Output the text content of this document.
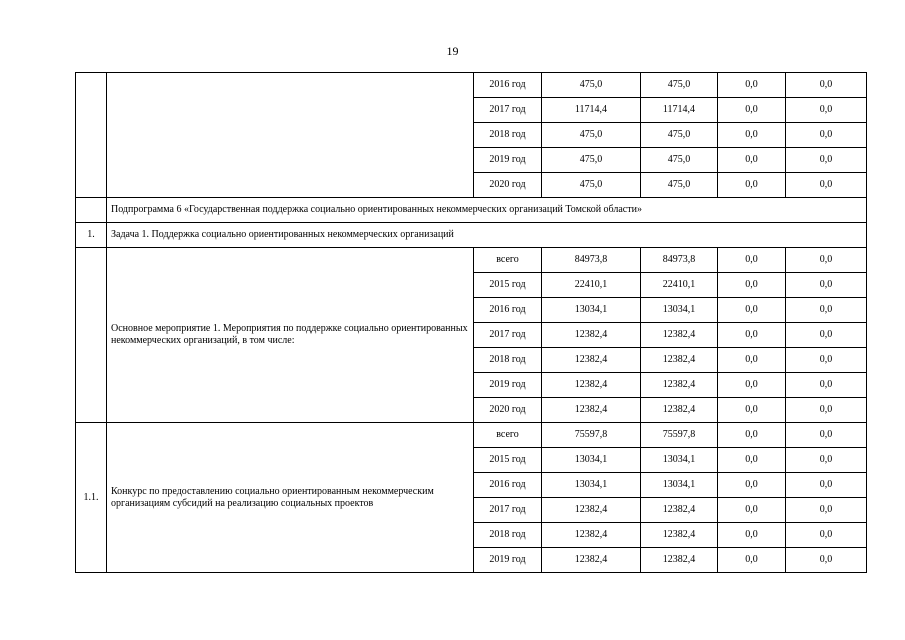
19
		2016 год	475,0	475,0	0,0	0,0
		2017 год	11714,4	11714,4	0,0	0,0
		2018 год	475,0	475,0	0,0	0,0
		2019 год	475,0	475,0	0,0	0,0
		2020 год	475,0	475,0	0,0	0,0
	Подпрограмма 6 «Государственная поддержка социально ориентированных некоммерческих организаций Томской области»					
1.	Задача 1. Поддержка социально ориентированных некоммерческих организаций					
	Основное мероприятие 1. Мероприятия по поддержке социально ориентированных некоммерческих организаций, в том числе:	всего	84973,8	84973,8	0,0	0,0
		2015 год	22410,1	22410,1	0,0	0,0
		2016 год	13034,1	13034,1	0,0	0,0
		2017 год	12382,4	12382,4	0,0	0,0
		2018 год	12382,4	12382,4	0,0	0,0
		2019 год	12382,4	12382,4	0,0	0,0
		2020 год	12382,4	12382,4	0,0	0,0
1.1.	Конкурс по предоставлению социально ориентированным некоммерческим организациям субсидий на реализацию социальных проектов	всего	75597,8	75597,8	0,0	0,0
		2015 год	13034,1	13034,1	0,0	0,0
		2016 год	13034,1	13034,1	0,0	0,0
		2017 год	12382,4	12382,4	0,0	0,0
		2018 год	12382,4	12382,4	0,0	0,0
		2019 год	12382,4	12382,4	0,0	0,0
